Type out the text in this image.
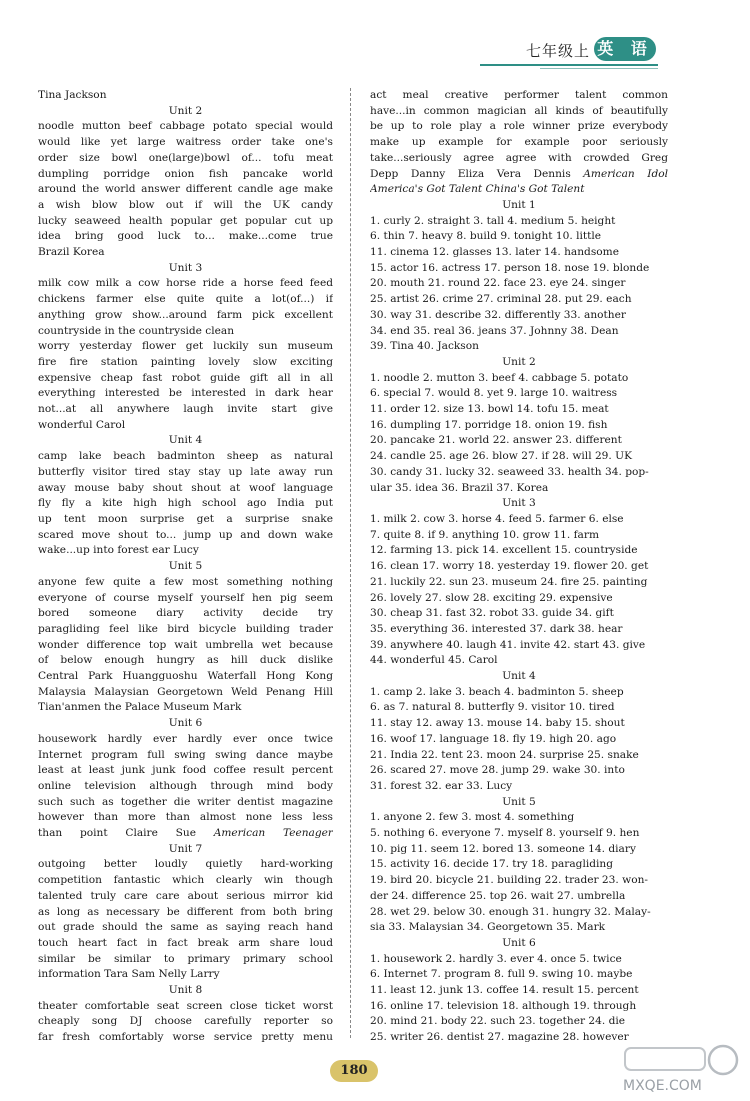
七年级上 英 语
Tina Jackson
Unit 2
noodle mutton beef cabbage potato special would
would like yet large waitress order take one's
order size bowl one(large)bowl of... tofu meat
dumpling porridge onion fish pancake world
around the world answer different candle age make
a wish blow blow out if will the UK candy
lucky seaweed health popular get popular cut up
idea bring good luck to... make...come true
Brazil Korea
Unit 3
milk cow milk a cow horse ride a horse feed feed
chickens farmer else quite quite a lot(of...) if
anything grow show...around farm pick excellent
countryside in the countryside clean
worry yesterday flower get luckily sun museum
fire fire station painting lovely slow exciting
expensive cheap fast robot guide gift all in all
everything interested be interested in dark hear
not...at all anywhere laugh invite start give
wonderful Carol
Unit 4
camp lake beach badminton sheep as natural
butterfly visitor tired stay stay up late away run
away mouse baby shout shout at woof language
fly fly a kite high high school ago India put
up tent moon surprise get a surprise snake
scared move shout to... jump up and down wake
wake...up into forest ear Lucy
Unit 5
anyone few quite a few most something nothing
everyone of course myself yourself hen pig seem
bored someone diary activity decide try
paragliding feel like bird bicycle building trader
wonder difference top wait umbrella wet because
of below enough hungry as hill duck dislike
Central Park Huangguoshu Waterfall Hong Kong
Malaysia Malaysian Georgetown Weld Penang Hill
Tian'anmen the Palace Museum Mark
Unit 6
housework hardly ever hardly ever once twice
Internet program full swing swing dance maybe
least at least junk junk food coffee result percent
online television although through mind body
such such as together die writer dentist magazine
however than more than almost none less less
than point Claire Sue American Teenager
Unit 7
outgoing better loudly quietly hard-working
competition fantastic which clearly win though
talented truly care care about serious mirror kid
as long as necessary be different from both bring
out grade should the same as saying reach hand
touch heart fact in fact break arm share loud
similar be similar to primary primary school
information Tara Sam Nelly Larry
Unit 8
theater comfortable seat screen close ticket worst
cheaply song DJ choose carefully reporter so
far fresh comfortably worse service pretty menu
act meal creative performer talent common
have...in common magician all kinds of beautifully
be up to role play a role winner prize everybody
make up example for example poor seriously
take...seriously agree agree with crowded Greg
Depp Danny Eliza Vera Dennis American Idol
America's Got Talent China's Got Talent
Unit 1
1. curly 2. straight 3. tall 4. medium 5. height
6. thin 7. heavy 8. build 9. tonight 10. little
11. cinema 12. glasses 13. later 14. handsome
15. actor 16. actress 17. person 18. nose 19. blonde
20. mouth 21. round 22. face 23. eye 24. singer
25. artist 26. crime 27. criminal 28. put 29. each
30. way 31. describe 32. differently 33. another
34. end 35. real 36. jeans 37. Johnny 38. Dean
39. Tina 40. Jackson
Unit 2
1. noodle 2. mutton 3. beef 4. cabbage 5. potato
6. special 7. would 8. yet 9. large 10. waitress
11. order 12. size 13. bowl 14. tofu 15. meat
16. dumpling 17. porridge 18. onion 19. fish
20. pancake 21. world 22. answer 23. different
24. candle 25. age 26. blow 27. if 28. will 29. UK
30. candy 31. lucky 32. seaweed 33. health 34. pop-
ular 35. idea 36. Brazil 37. Korea
Unit 3
1. milk 2. cow 3. horse 4. feed 5. farmer 6. else
7. quite 8. if 9. anything 10. grow 11. farm
12. farming 13. pick 14. excellent 15. countryside
16. clean 17. worry 18. yesterday 19. flower 20. get
21. luckily 22. sun 23. museum 24. fire 25. painting
26. lovely 27. slow 28. exciting 29. expensive
30. cheap 31. fast 32. robot 33. guide 34. gift
35. everything 36. interested 37. dark 38. hear
39. anywhere 40. laugh 41. invite 42. start 43. give
44. wonderful 45. Carol
Unit 4
1. camp 2. lake 3. beach 4. badminton 5. sheep
6. as 7. natural 8. butterfly 9. visitor 10. tired
11. stay 12. away 13. mouse 14. baby 15. shout
16. woof 17. language 18. fly 19. high 20. ago
21. India 22. tent 23. moon 24. surprise 25. snake
26. scared 27. move 28. jump 29. wake 30. into
31. forest 32. ear 33. Lucy
Unit 5
1. anyone 2. few 3. most 4. something
5. nothing 6. everyone 7. myself 8. yourself 9. hen
10. pig 11. seem 12. bored 13. someone 14. diary
15. activity 16. decide 17. try 18. paragliding
19. bird 20. bicycle 21. building 22. trader 23. won-
der 24. difference 25. top 26. wait 27. umbrella
28. wet 29. below 30. enough 31. hungry 32. Malay-
sia 33. Malaysian 34. Georgetown 35. Mark
Unit 6
1. housework 2. hardly 3. ever 4. once 5. twice
6. Internet 7. program 8. full 9. swing 10. maybe
11. least 12. junk 13. coffee 14. result 15. percent
16. online 17. television 18. although 19. through
20. mind 21. body 22. such 23. together 24. die
25. writer 26. dentist 27. magazine 28. however
180
MXQE.COM
